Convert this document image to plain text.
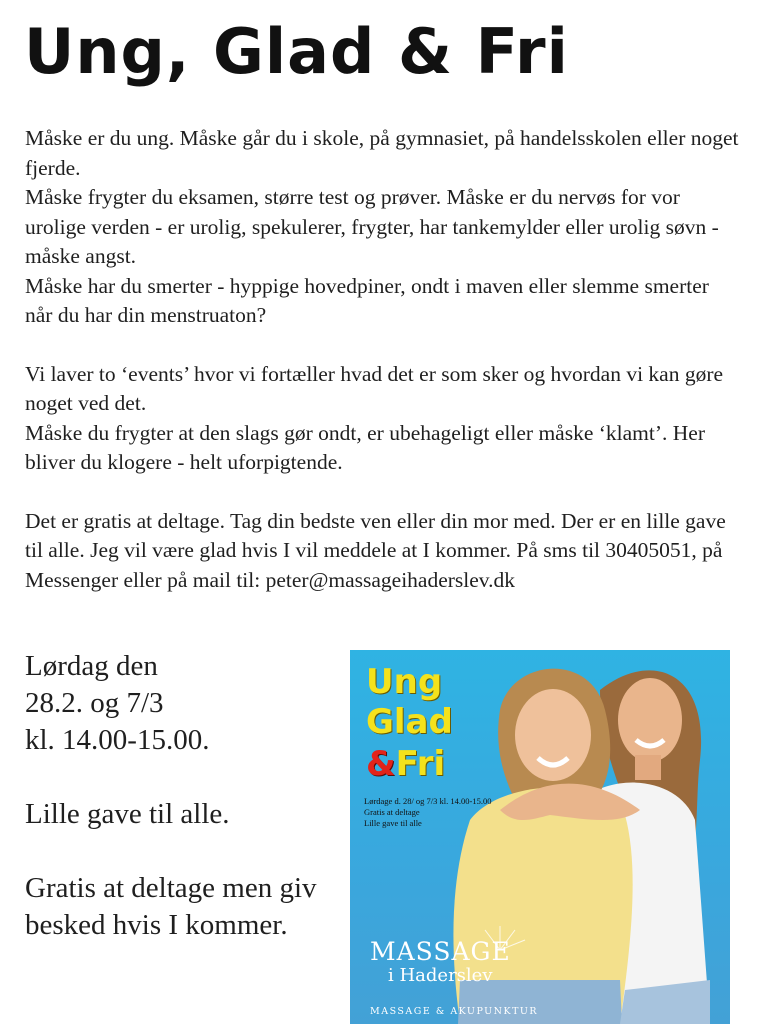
Ung, Glad & Fri

Måske er du ung. Måske går du i skole, på gymnasiet, på handelsskolen eller noget fjerde.

Måske frygter du eksamen, større test og prøver. Måske er du nervøs for vor urolige verden - er urolig, spekulerer, frygter, har tankemylder eller urolig søvn - måske angst.

Måske har du smerter - hyppige hovedpiner, ondt i maven eller slemme smerter når du har din menstruaton?

Vi laver to ‘events’ hvor vi fortæller hvad det er som sker og hvordan vi kan gøre noget ved det.

Måske du frygter at den slags gør ondt, er ubehageligt eller måske ‘klamt’. Her bliver du klogere - helt uforpigtende.

Det er gratis at deltage. Tag din bedste ven eller din mor med. Der er en lille gave til alle. Jeg vil være glad hvis I vil meddele at I kommer. På sms til 30405051, på Messenger eller på mail til: peter@massageihaderslev.dk

Lørdag den

28.2. og 7/3

kl. 14.00-15.00.

Lille gave til alle.

Gratis at deltage men giv besked hvis I kommer.

Ung
Glad
&Fri
Lørdage d. 28/ og 7/3 kl. 14.00-15.00
Gratis at deltage
Lille gave til alle
MASSAGE
i Haderslev
MASSAGE & AKUPUNKTUR
